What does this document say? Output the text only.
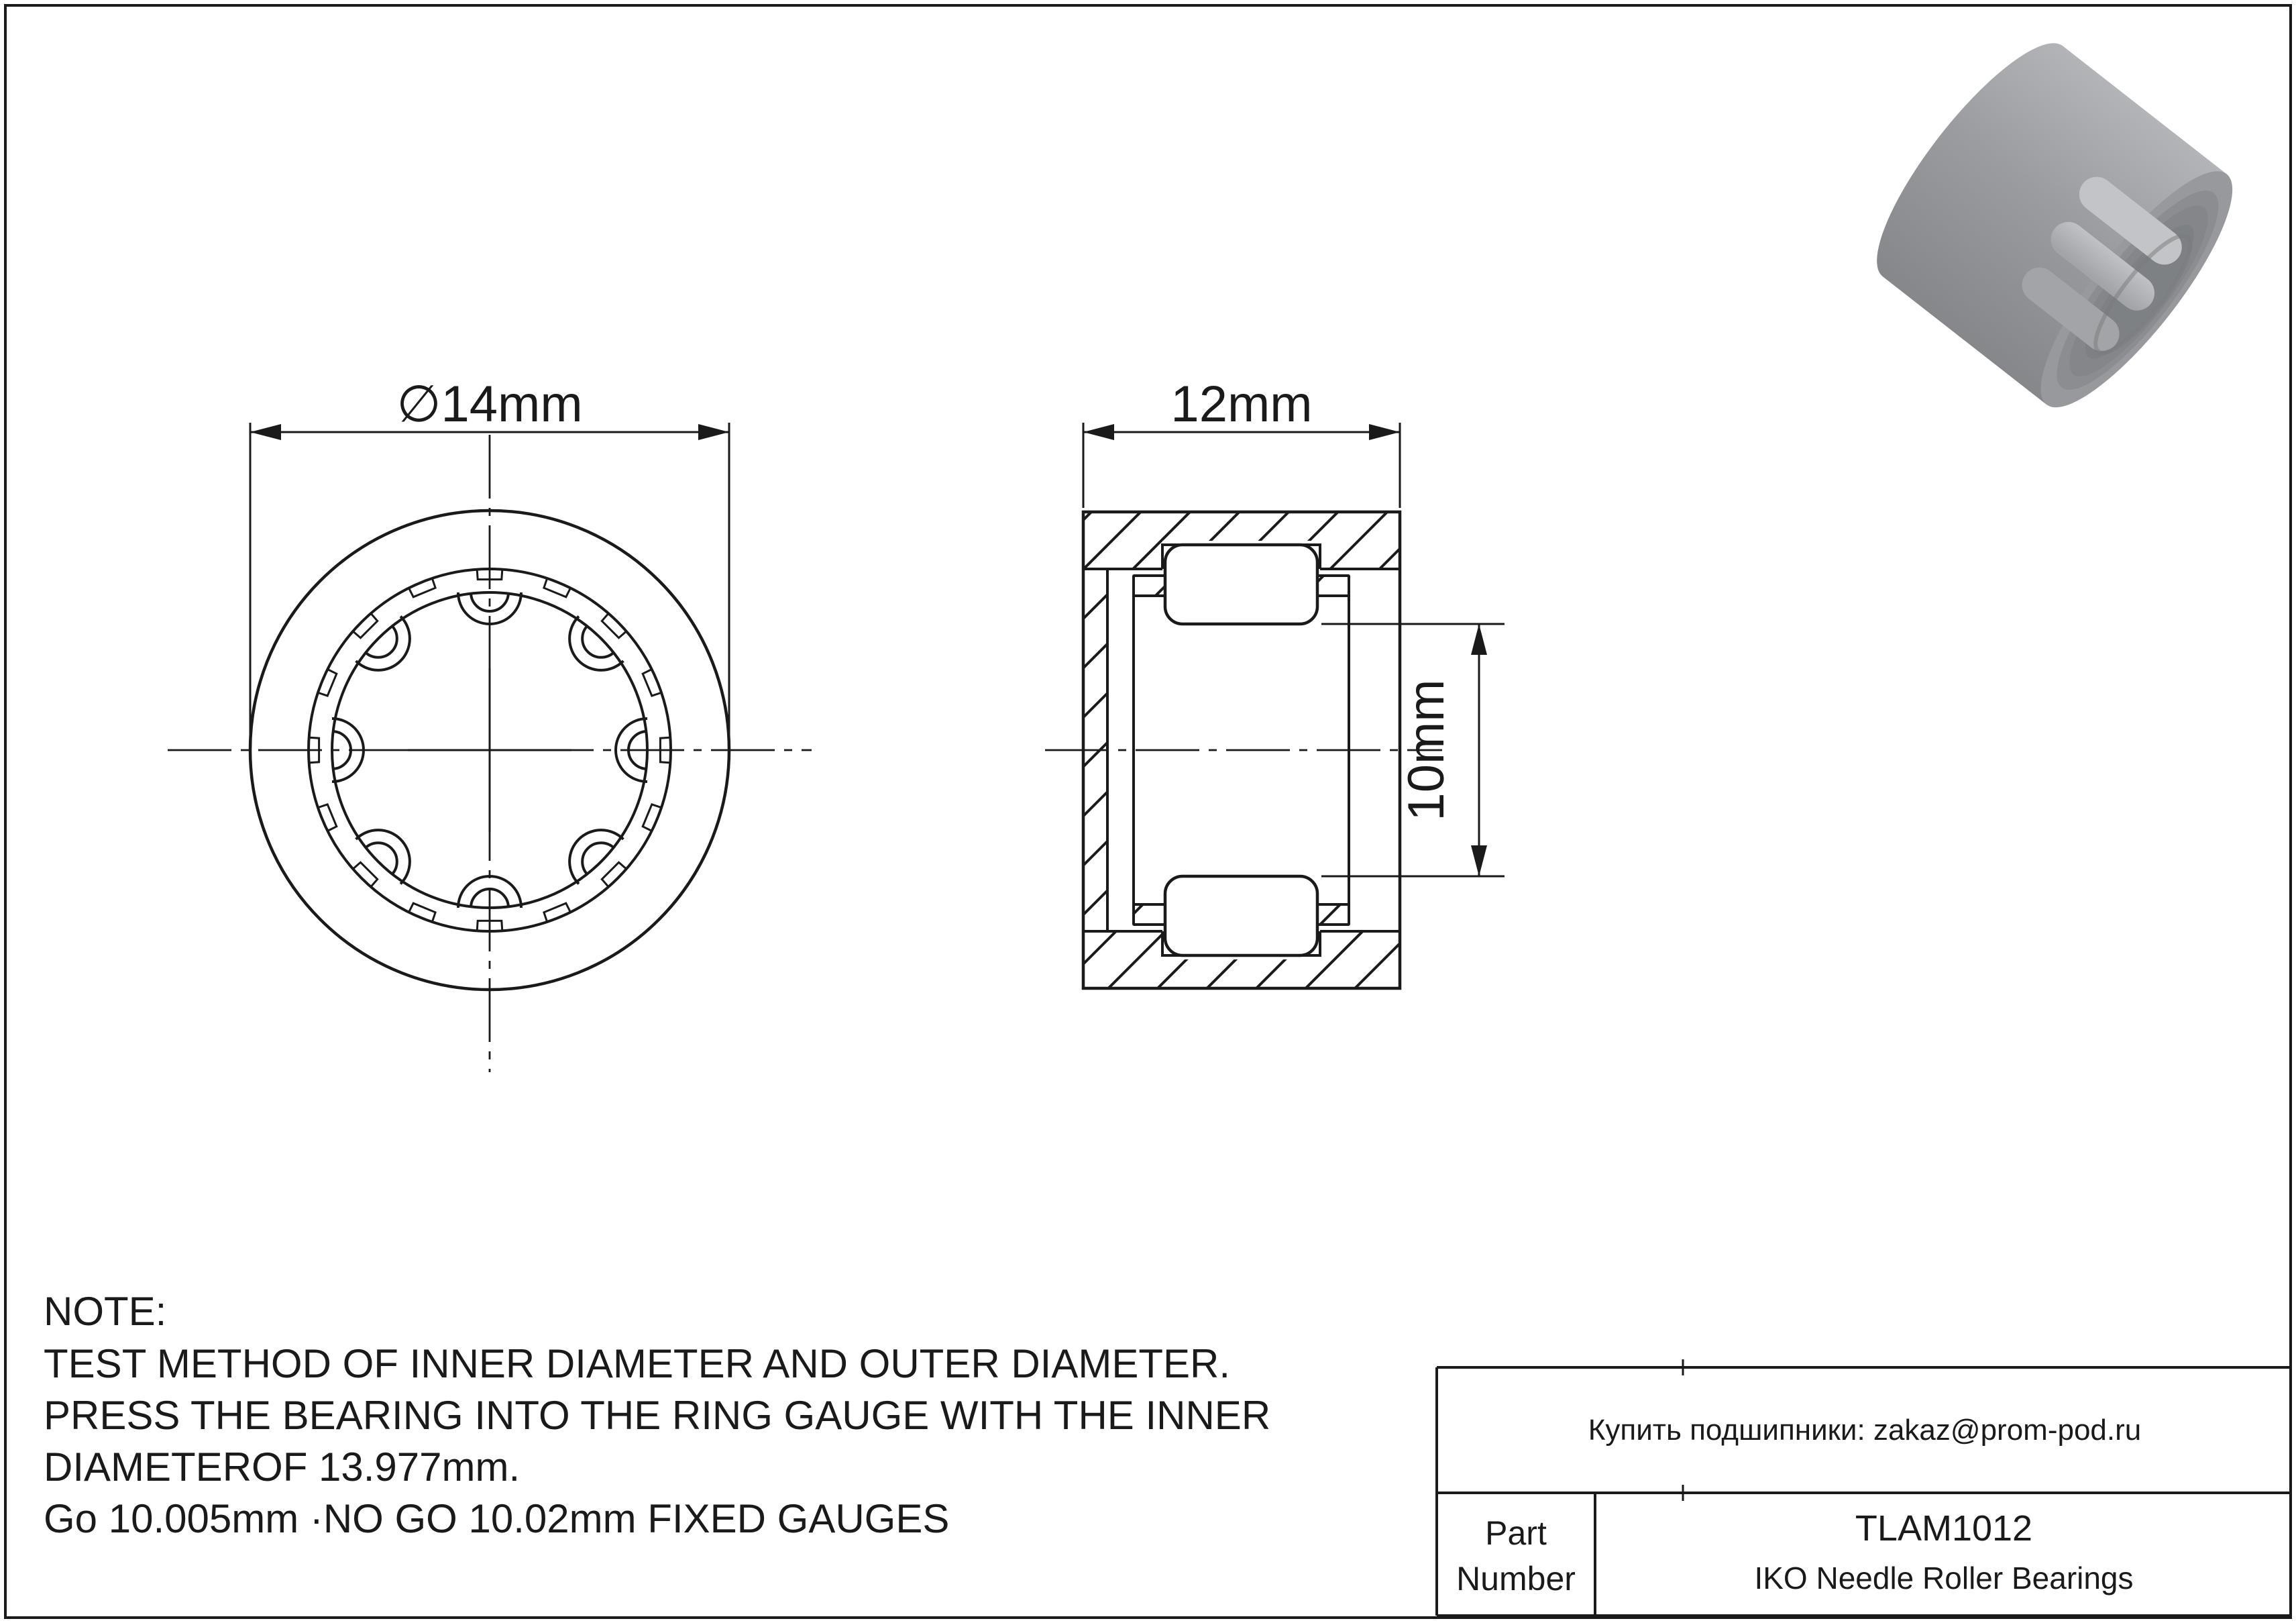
∅14mm	12mm
10mm
NOTE:
TEST METHOD OF INNER DIAMETER AND OUTER DIAMETER.
PRESS THE BEARING INTO THE RING GAUGE WITH THE INNER
DIAMETEROF 13.977mm.
Go 10.005mm ·NO GO 10.02mm FIXED GAUGES
Купить подшипники: zakaz@prom-pod.ru
Part
Number
TLAM1012
IKO Needle Roller Bearings
